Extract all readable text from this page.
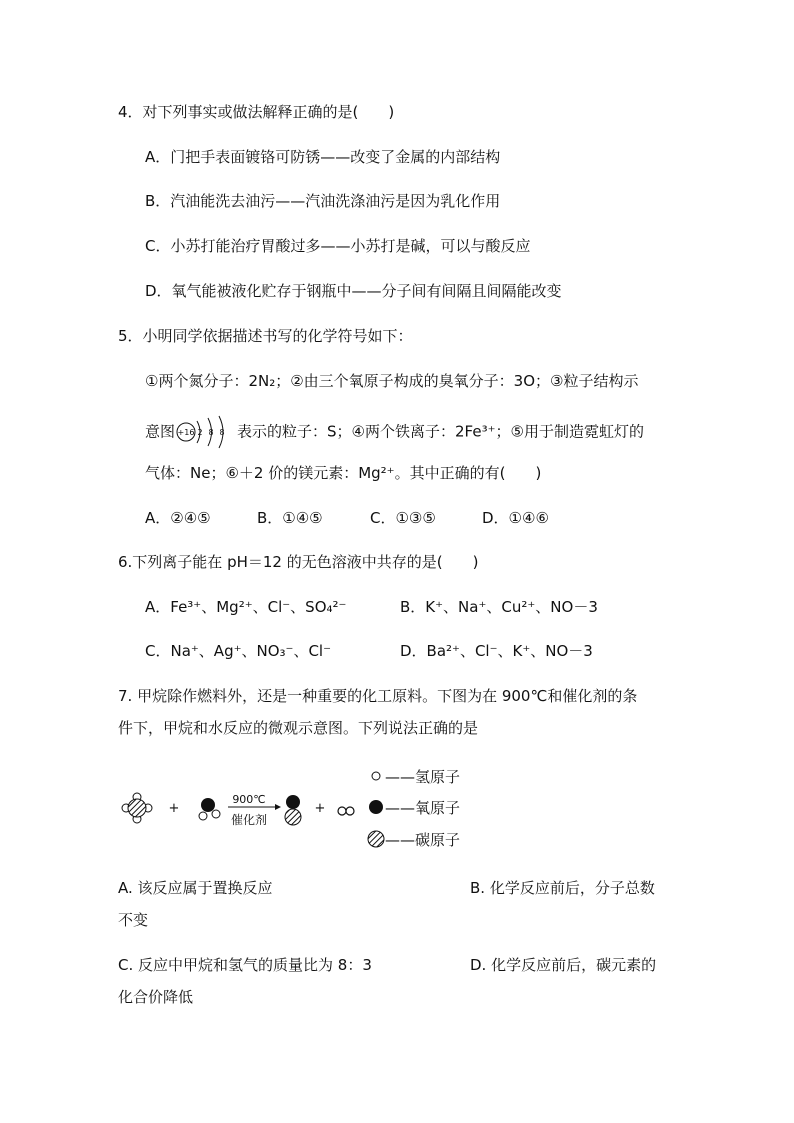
4．对下列事实或做法解释正确的是(　　)
A．门把手表面镀铬可防锈——改变了金属的内部结构
B．汽油能洗去油污——汽油洗涤油污是因为乳化作用
C．小苏打能治疗胃酸过多——小苏打是碱，可以与酸反应
D．氧气能被液化贮存于钢瓶中——分子间有间隔且间隔能改变
5．小明同学依据描述书写的化学符号如下：
①两个氮分子：2N₂；②由三个氧原子构成的臭氧分子：3O；③粒子结构示
意图 +16 2 8 8 表示的粒子：S；④两个铁离子：2Fe³⁺；⑤用于制造霓虹灯的
气体：Ne；⑥＋2 价的镁元素：Mg²⁺。其中正确的有(　　)
A．②④⑤	B．①④⑤	C．①③⑤	D．①④⑥
6.下列离子能在 pH＝12 的无色溶液中共存的是(　　)
A．Fe³⁺、Mg²⁺、Cl⁻、SO₄²⁻	B．K⁺、Na⁺、Cu²⁺、NO－3
C．Na⁺、Ag⁺、NO₃⁻、Cl⁻	D．Ba²⁺、Cl⁻、K⁺、NO－3
7. 甲烷除作燃料外，还是一种重要的化工原料。下图为在 900℃和催化剂的条
件下，甲烷和水反应的微观示意图。下列说法正确的是
+
900℃
催化剂
+
——氢原子
——氧原子
——碳原子
A. 该反应属于置换反应	B. 化学反应前后，分子总数
不变
C. 反应中甲烷和氢气的质量比为 8：3	D. 化学反应前后，碳元素的
化合价降低
